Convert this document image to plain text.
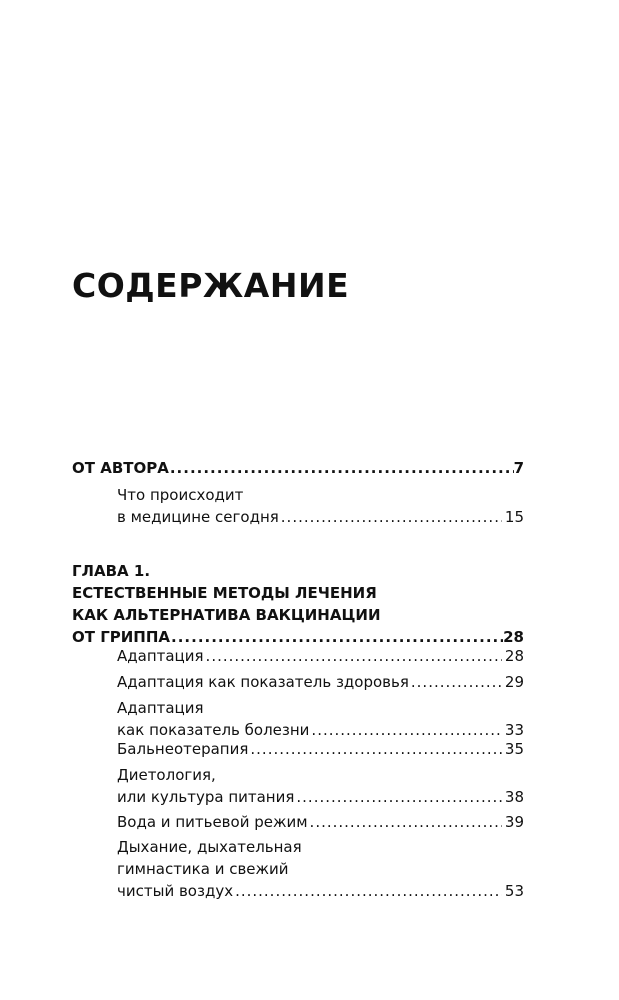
СОДЕРЖАНИЕ
ОТ АВТОРА .....	7
Что происходит
в медицине сегодня .....	15
ГЛАВА 1.
ЕСТЕСТВЕННЫЕ МЕТОДЫ ЛЕЧЕНИЯ
КАК АЛЬТЕРНАТИВА ВАКЦИНАЦИИ
ОТ ГРИППА .....	28
Адаптация .....	28
Адаптация как показатель здоровья .....	29
Адаптация
как показатель болезни .....	33
Бальнеотерапия .....	35
Диетология,
или культура питания .....	38
Вода и питьевой режим .....	39
Дыхание, дыхательная
гимнастика и свежий
чистый воздух .....	53
